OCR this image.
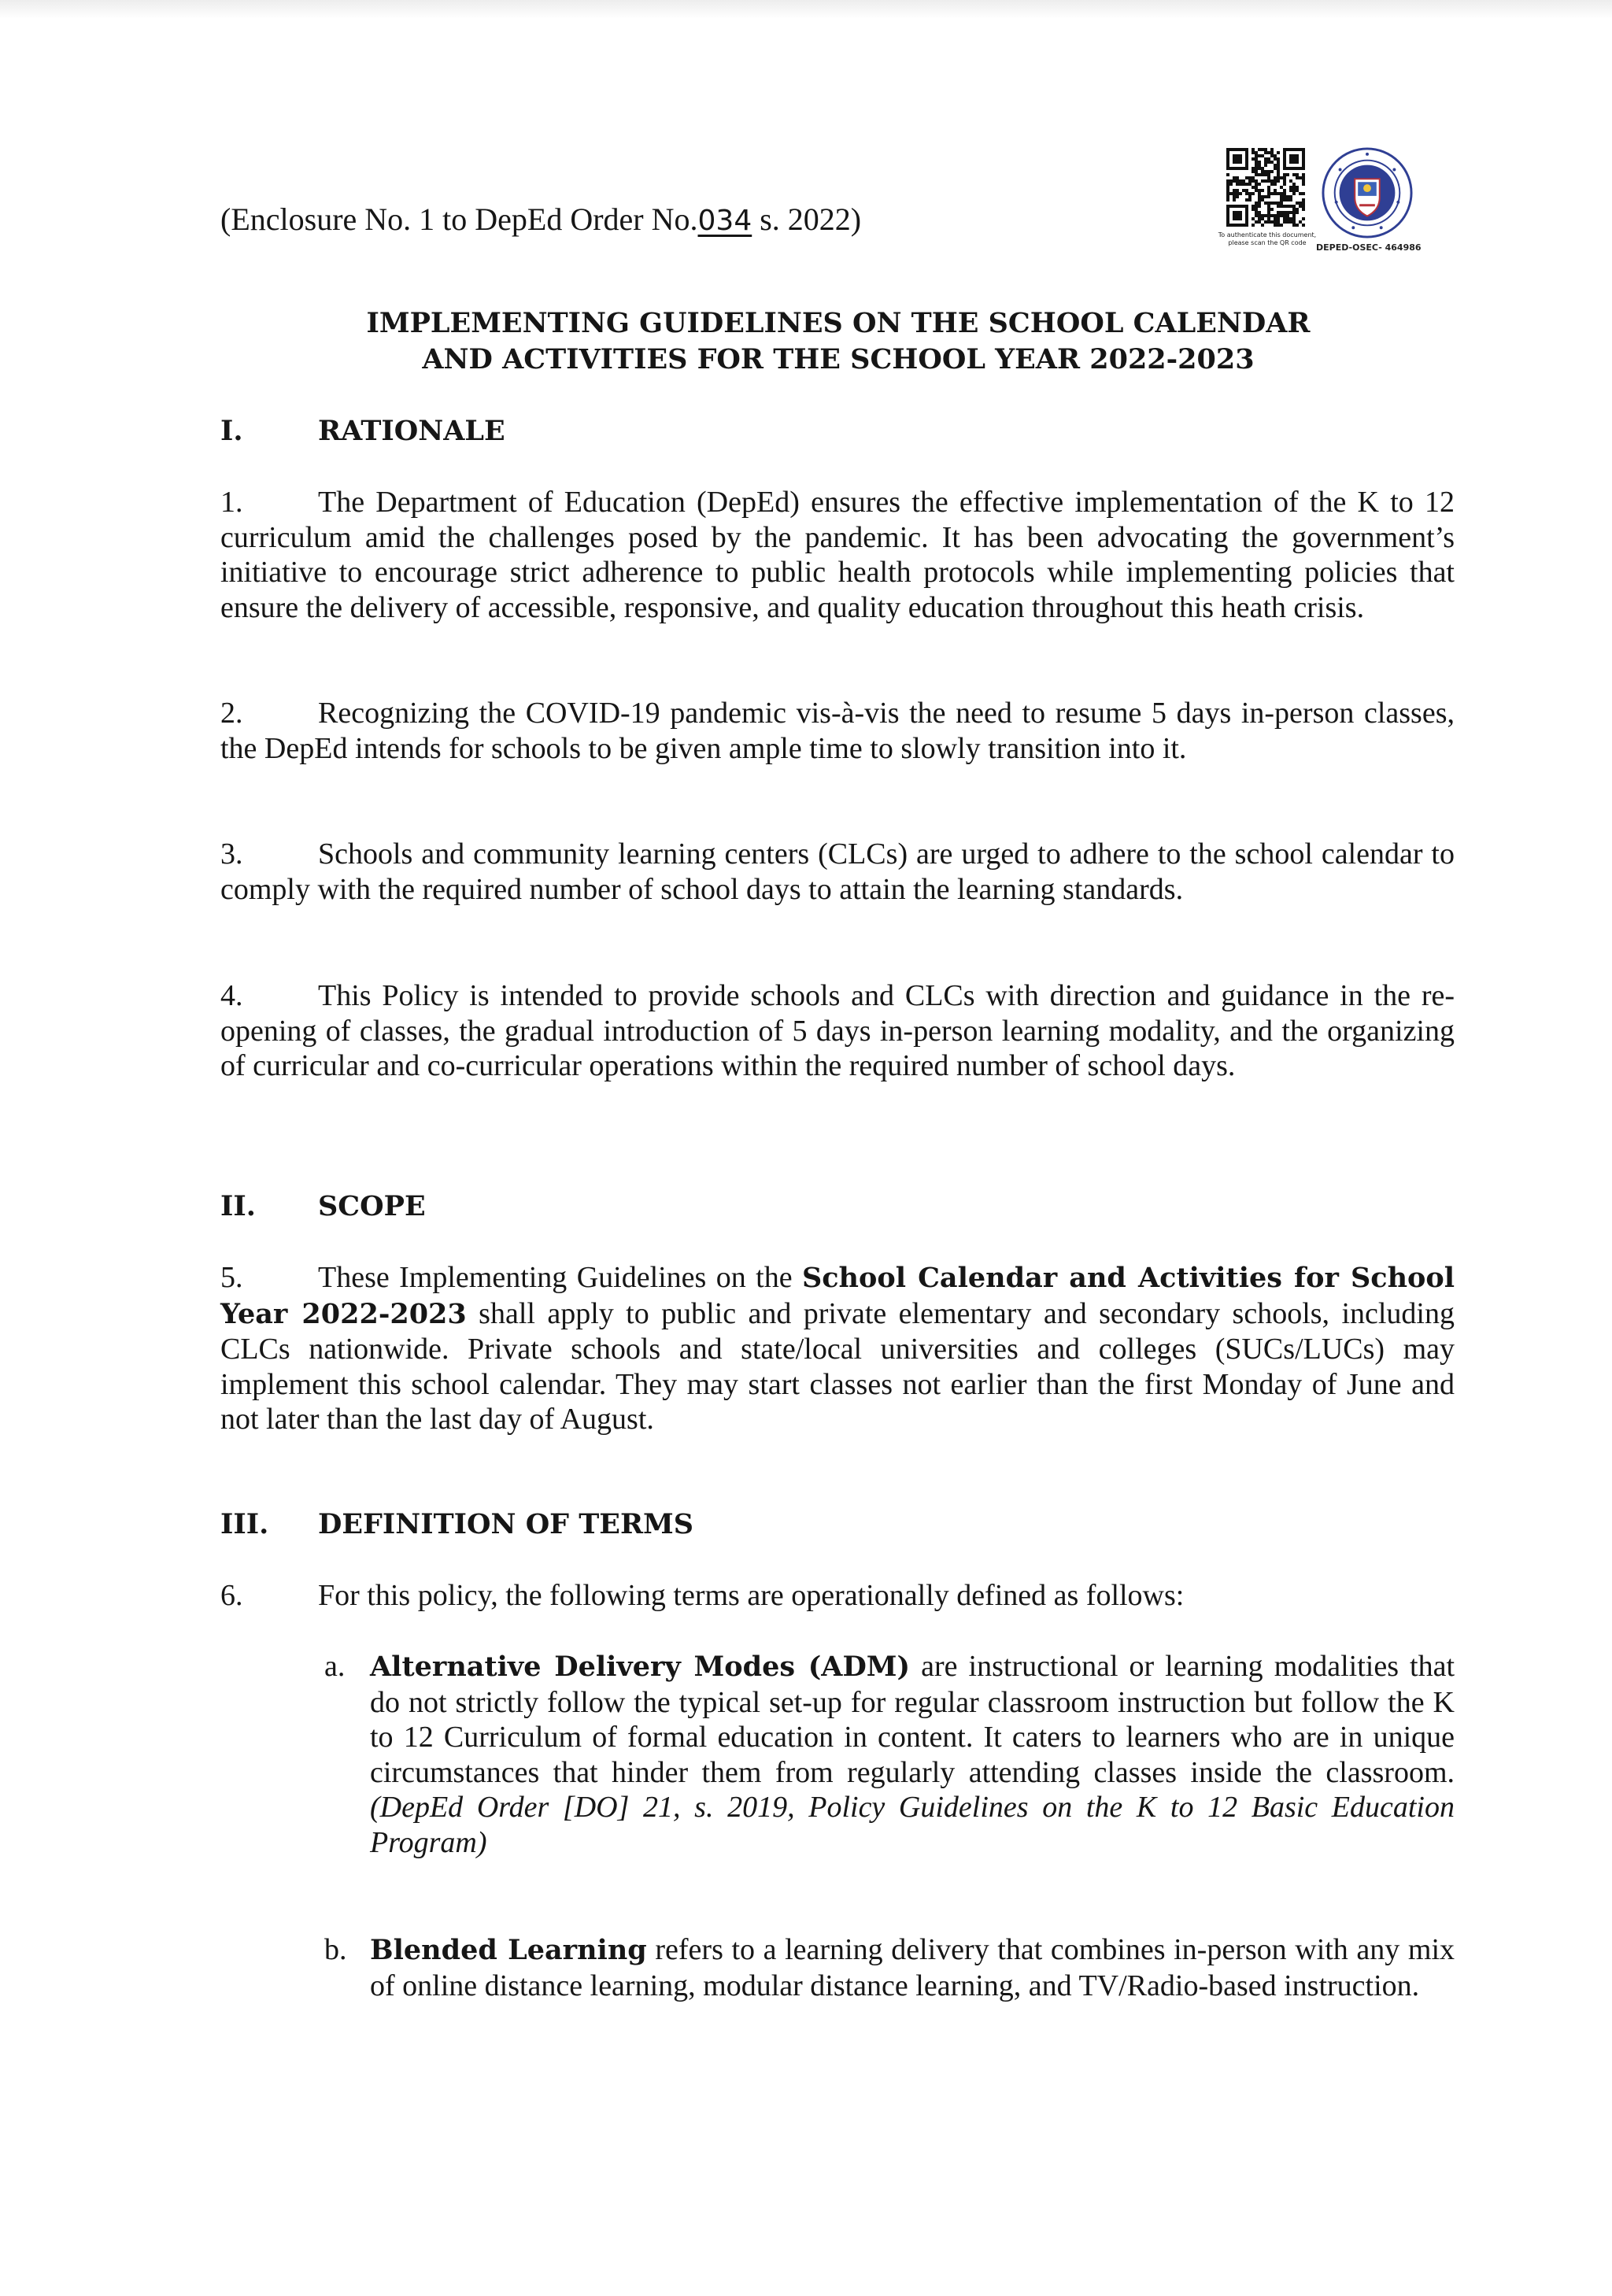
(Enclosure No. 1 to DepEd Order No.034 s. 2022)	To authenticate this document, please scan the QR code	DEPED-OSEC- 464986
IMPLEMENTING GUIDELINES ON THE SCHOOL CALENDAR
AND ACTIVITIES FOR THE SCHOOL YEAR 2022-2023
I.	RATIONALE
1.	The Department of Education (DepEd) ensures the effective implementation of the K to 12 curriculum amid the challenges posed by the pandemic. It has been advocating the government’s initiative to encourage strict adherence to public health protocols while implementing policies that ensure the delivery of accessible, responsive, and quality education throughout this heath crisis.
2.	Recognizing the COVID-19 pandemic vis-à-vis the need to resume 5 days in-person classes, the DepEd intends for schools to be given ample time to slowly transition into it.
3.	Schools and community learning centers (CLCs) are urged to adhere to the school calendar to comply with the required number of school days to attain the learning standards.
4.	This Policy is intended to provide schools and CLCs with direction and guidance in the re-opening of classes, the gradual introduction of 5 days in-person learning modality, and the organizing of curricular and co-curricular operations within the required number of school days.
II. SCOPE
5.	These Implementing Guidelines on the School Calendar and Activities for School Year 2022-2023 shall apply to public and private elementary and secondary schools, including CLCs nationwide. Private schools and state/local universities and colleges (SUCs/LUCs) may implement this school calendar. They may start classes not earlier than the first Monday of June and not later than the last day of August.
III. DEFINITION OF TERMS
6.	For this policy, the following terms are operationally defined as follows:
a. Alternative Delivery Modes (ADM) are instructional or learning modalities that do not strictly follow the typical set-up for regular classroom instruction but follow the K to 12 Curriculum of formal education in content. It caters to learners who are in unique circumstances that hinder them from regularly attending classes inside the classroom. (DepEd Order [DO] 21, s. 2019, Policy Guidelines on the K to 12 Basic Education Program)
b. Blended Learning refers to a learning delivery that combines in-person with any mix of online distance learning, modular distance learning, and TV/Radio-based instruction.
